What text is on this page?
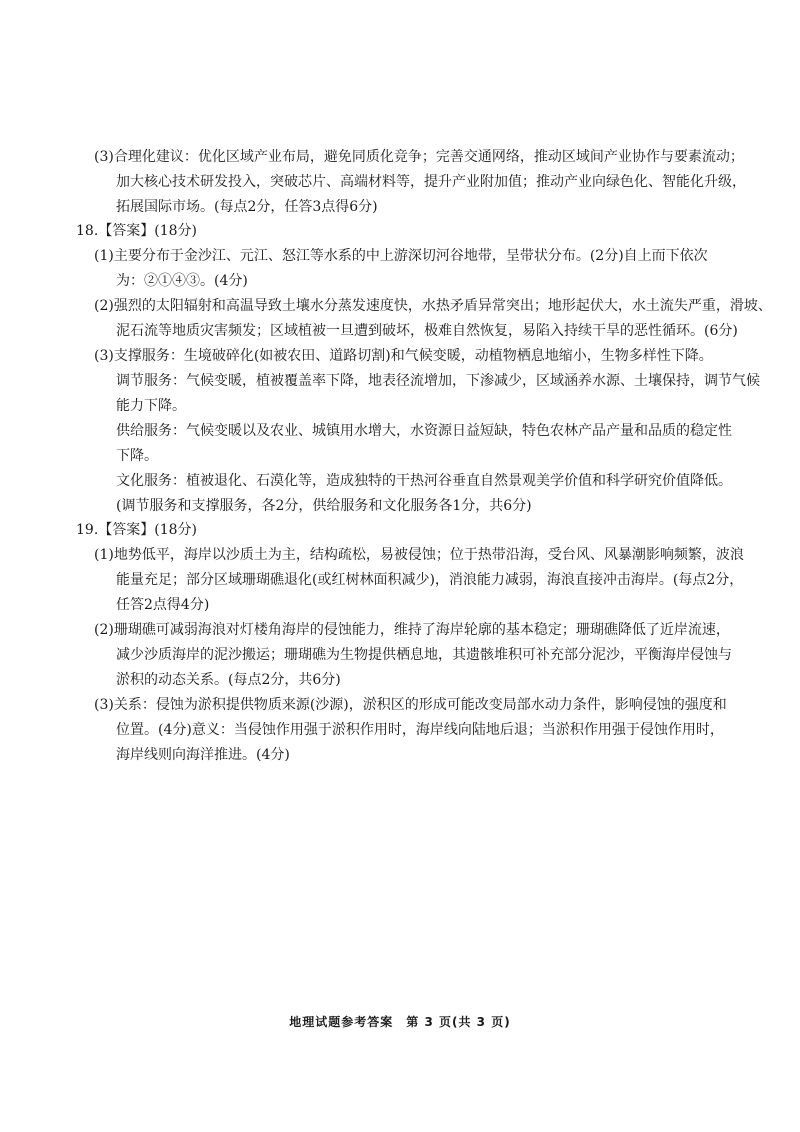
(3)合理化建议：优化区域产业布局，避免同质化竞争；完善交通网络，推动区域间产业协作与要素流动；
加大核心技术研发投入，突破芯片、高端材料等，提升产业附加值；推动产业向绿色化、智能化升级，
拓展国际市场。(每点2分，任答3点得6分)
18.【答案】(18分)
(1)主要分布于金沙江、元江、怒江等水系的中上游深切河谷地带，呈带状分布。(2分)自上而下依次
为：②①④③。(4分)
(2)强烈的太阳辐射和高温导致土壤水分蒸发速度快，水热矛盾异常突出；地形起伏大，水土流失严重，滑坡、
泥石流等地质灾害频发；区域植被一旦遭到破坏，极难自然恢复，易陷入持续干旱的恶性循环。(6分)
(3)支撑服务：生境破碎化(如被农田、道路切割)和气候变暖，动植物栖息地缩小，生物多样性下降。
调节服务：气候变暖，植被覆盖率下降，地表径流增加，下渗减少，区域涵养水源、土壤保持，调节气候
能力下降。
供给服务：气候变暖以及农业、城镇用水增大，水资源日益短缺，特色农林产品产量和品质的稳定性
下降。
文化服务：植被退化、石漠化等，造成独特的干热河谷垂直自然景观美学价值和科学研究价值降低。
(调节服务和支撑服务，各2分，供给服务和文化服务各1分，共6分)
19.【答案】(18分)
(1)地势低平，海岸以沙质土为主，结构疏松，易被侵蚀；位于热带沿海，受台风、风暴潮影响频繁，波浪
能量充足；部分区域珊瑚礁退化(或红树林面积减少)，消浪能力减弱，海浪直接冲击海岸。(每点2分，
任答2点得4分)
(2)珊瑚礁可减弱海浪对灯楼角海岸的侵蚀能力，维持了海岸轮廓的基本稳定；珊瑚礁降低了近岸流速，
减少沙质海岸的泥沙搬运；珊瑚礁为生物提供栖息地，其遗骸堆积可补充部分泥沙，平衡海岸侵蚀与
淤积的动态关系。(每点2分，共6分)
(3)关系：侵蚀为淤积提供物质来源(沙源)，淤积区的形成可能改变局部水动力条件，影响侵蚀的强度和
位置。(4分)意义：当侵蚀作用强于淤积作用时，海岸线向陆地后退；当淤积作用强于侵蚀作用时，
海岸线则向海洋推进。(4分)
地理试题参考答案　第 3 页(共 3 页)
